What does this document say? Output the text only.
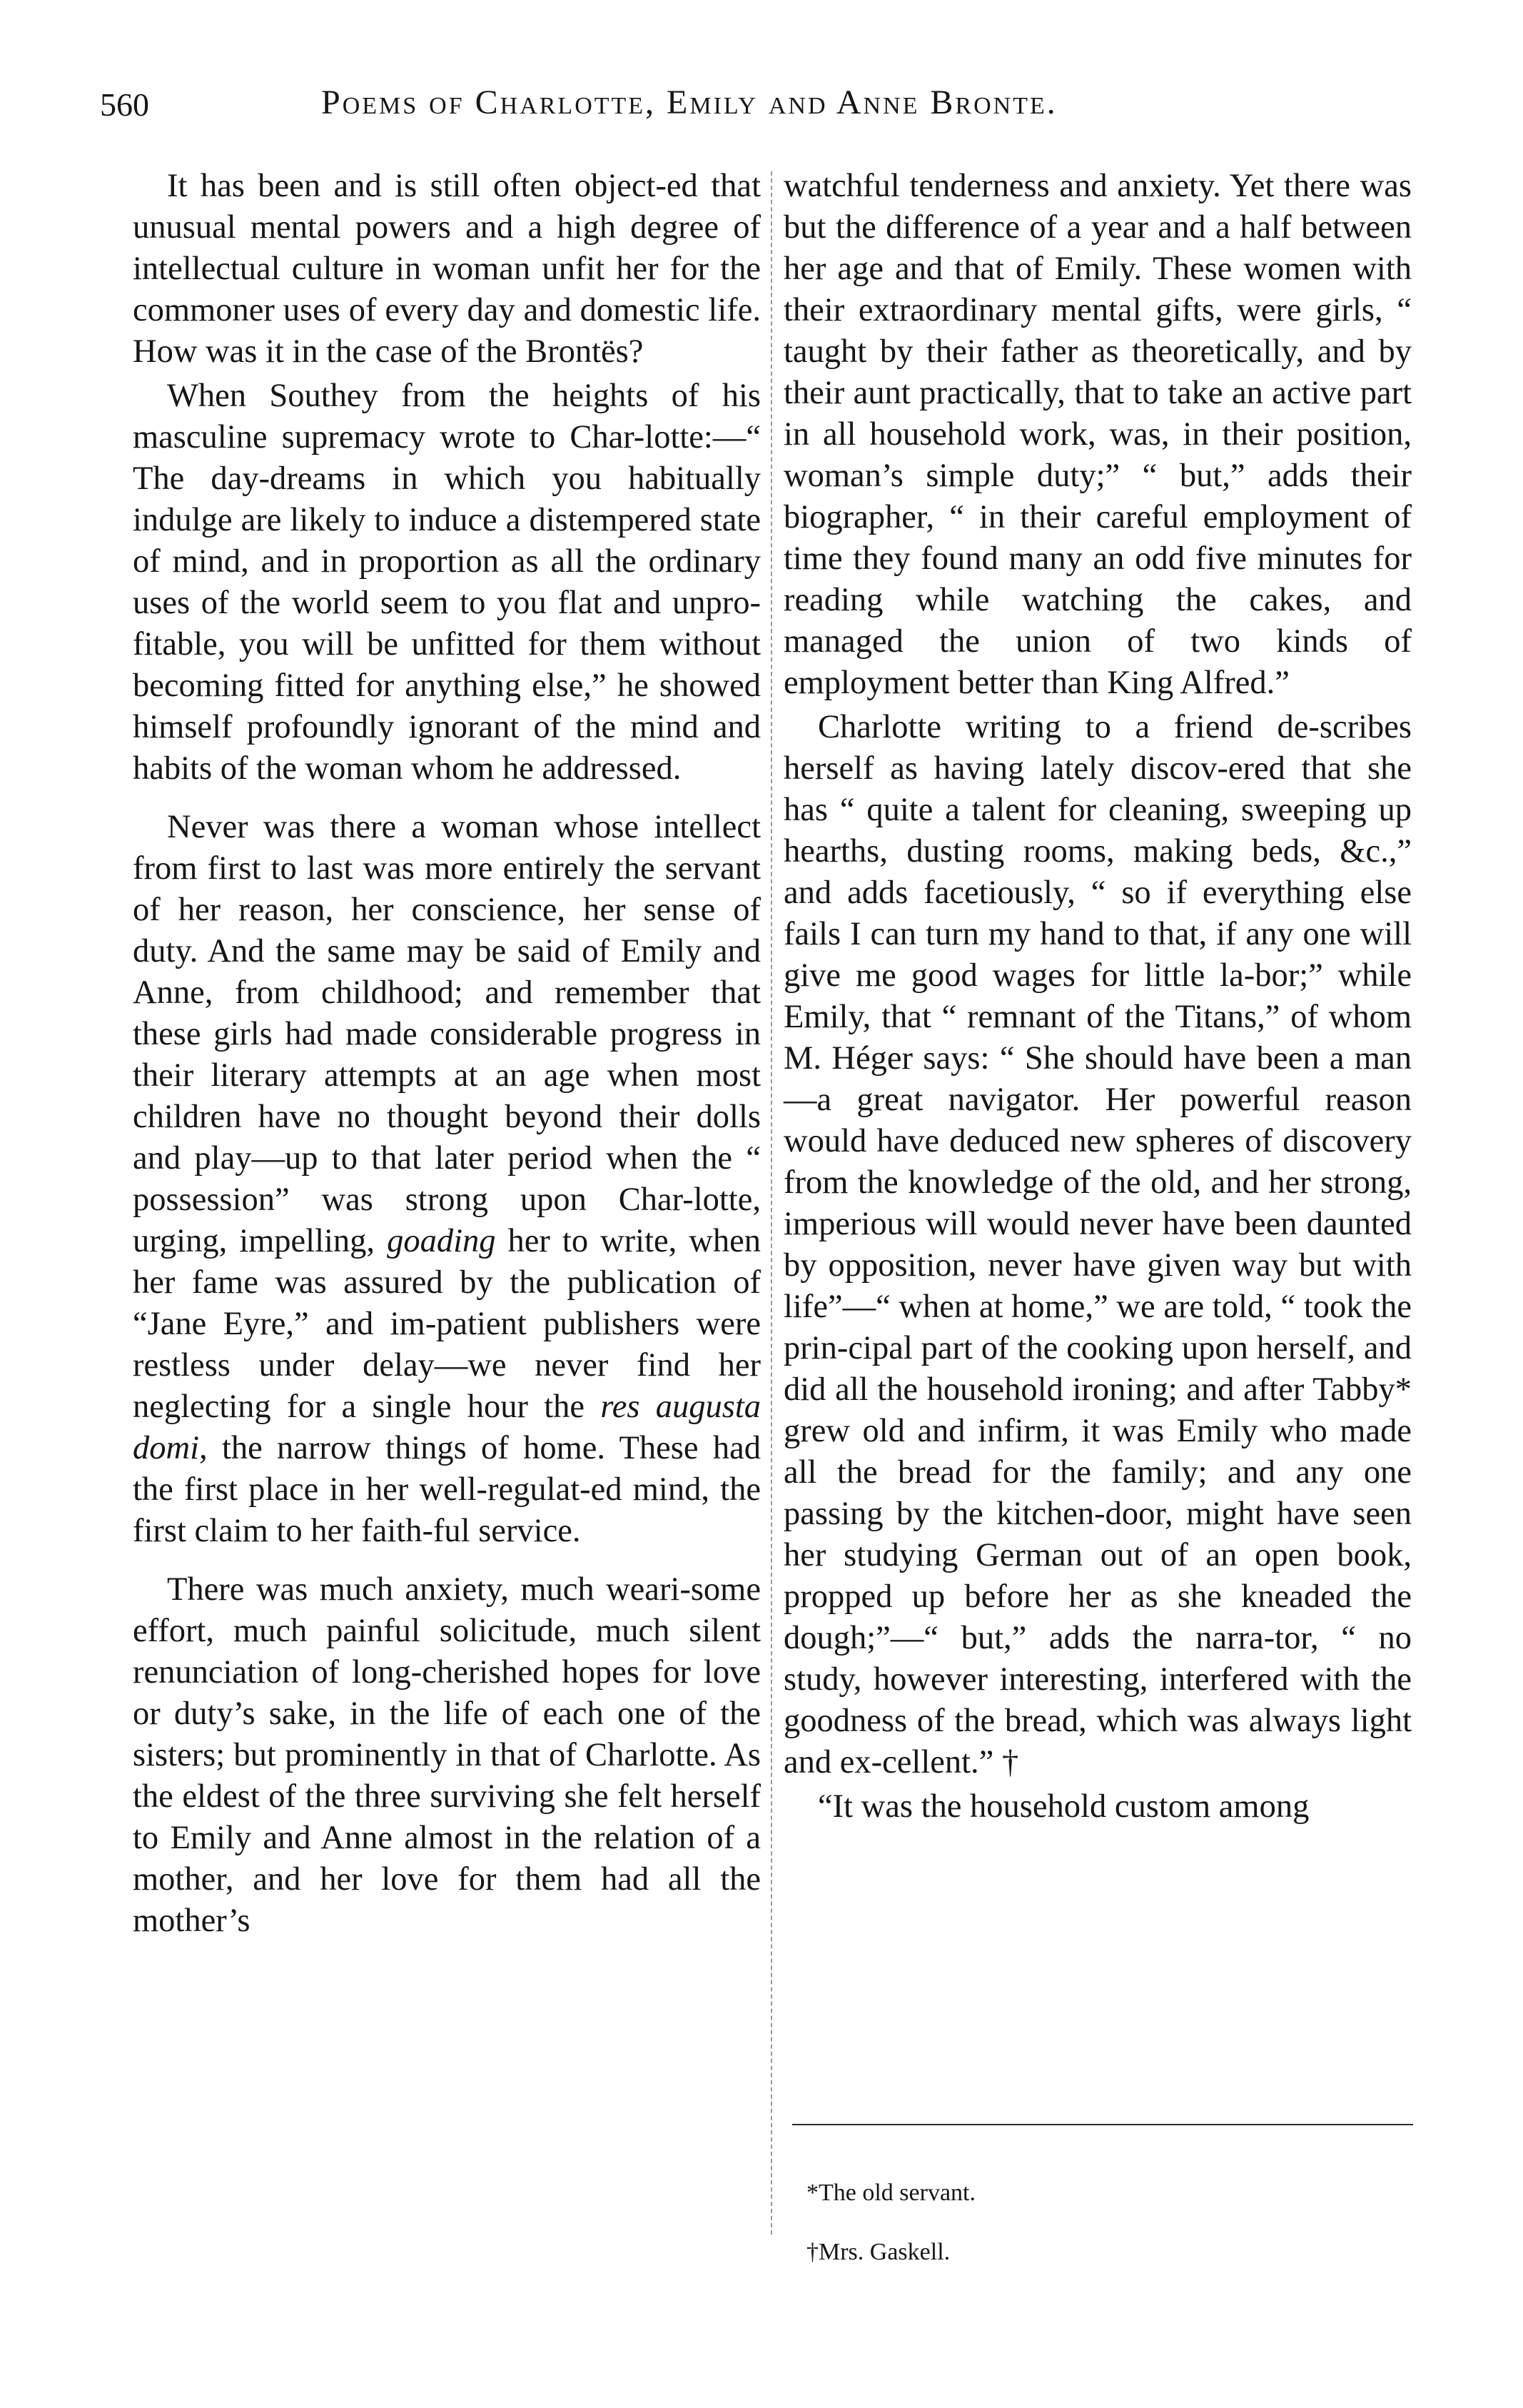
560	Poems of Charlotte, Emily and Anne Bronte.

It has been and is still often object-ed that unusual mental powers and a high degree of intellectual culture in woman unfit her for the commoner uses of every day and domestic life. How was it in the case of the Brontës?

When Southey from the heights of his masculine supremacy wrote to Char-lotte:—“ The day-dreams in which you habitually indulge are likely to induce a distempered state of mind, and in proportion as all the ordinary uses of the world seem to you flat and unpro-fitable, you will be unfitted for them without becoming fitted for anything else,” he showed himself profoundly ignorant of the mind and habits of the woman whom he addressed.

Never was there a woman whose intellect from first to last was more entirely the servant of her reason, her conscience, her sense of duty. And the same may be said of Emily and Anne, from childhood; and remember that these girls had made considerable progress in their literary attempts at an age when most children have no thought beyond their dolls and play—up to that later period when the “ possession” was strong upon Char-lotte, urging, impelling, goading her to write, when her fame was assured by the publication of “Jane Eyre,” and im-patient publishers were restless under delay—we never find her neglecting for a single hour the res augusta domi, the narrow things of home. These had the first place in her well-regulat-ed mind, the first claim to her faith-ful service.

There was much anxiety, much weari-some effort, much painful solicitude, much silent renunciation of long-cherished hopes for love or duty’s sake, in the life of each one of the sisters; but prominently in that of Charlotte. As the eldest of the three surviving she felt herself to Emily and Anne almost in the relation of a mother, and her love for them had all the mother’s

watchful tenderness and anxiety. Yet there was but the difference of a year and a half between her age and that of Emily. These women with their extraordinary mental gifts, were girls, “ taught by their father as theoretically, and by their aunt practically, that to take an active part in all household work, was, in their position, woman’s simple duty;” “ but,” adds their biographer, “ in their careful employment of time they found many an odd five minutes for reading while watching the cakes, and managed the union of two kinds of employment better than King Alfred.”

Charlotte writing to a friend de-scribes herself as having lately discov-ered that she has “ quite a talent for cleaning, sweeping up hearths, dusting rooms, making beds, &c.,” and adds facetiously, “ so if everything else fails I can turn my hand to that, if any one will give me good wages for little la-bor;” while Emily, that “ remnant of the Titans,” of whom M. Héger says: “ She should have been a man—a great navigator. Her powerful reason would have deduced new spheres of discovery from the knowledge of the old, and her strong, imperious will would never have been daunted by opposition, never have given way but with life”—“ when at home,” we are told, “ took the prin-cipal part of the cooking upon herself, and did all the household ironing; and after Tabby* grew old and infirm, it was Emily who made all the bread for the family; and any one passing by the kitchen-door, might have seen her studying German out of an open book, propped up before her as she kneaded the dough;”—“ but,” adds the narra-tor, “ no study, however interesting, interfered with the goodness of the bread, which was always light and ex-cellent.” †

“It was the household custom among

*The old servant.
†Mrs. Gaskell.
